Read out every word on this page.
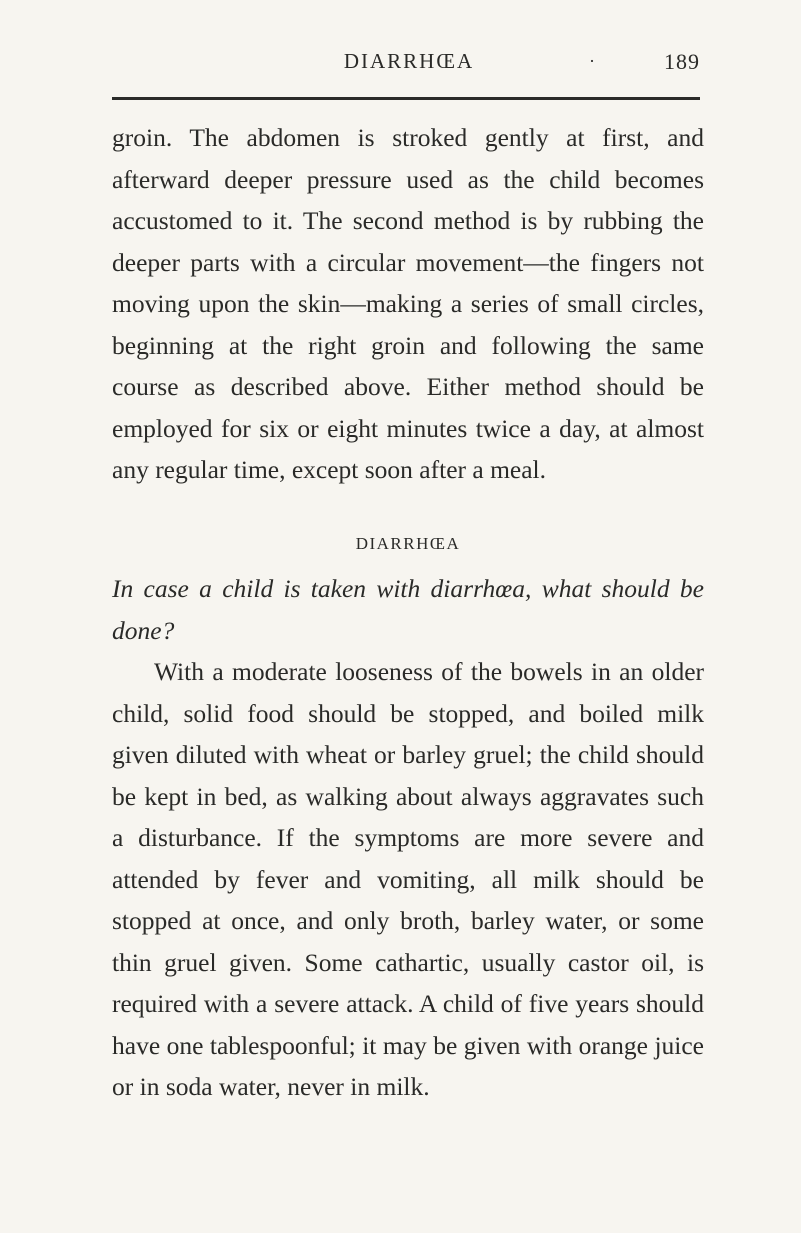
DIARRHŒA	·	189

groin. The abdomen is stroked gently at first, and afterward deeper pressure used as the child becomes accustomed to it. The second method is by rubbing the deeper parts with a circular movement—the fingers not moving upon the skin—making a series of small circles, beginning at the right groin and following the same course as described above. Either method should be employed for six or eight minutes twice a day, at almost any regular time, except soon after a meal.

DIARRHŒA

In case a child is taken with diarrhœa, what should be done?

With a moderate looseness of the bowels in an older child, solid food should be stopped, and boiled milk given diluted with wheat or barley gruel; the child should be kept in bed, as walking about always aggravates such a disturbance. If the symptoms are more severe and attended by fever and vomiting, all milk should be stopped at once, and only broth, barley water, or some thin gruel given. Some cathartic, usually castor oil, is required with a severe attack. A child of five years should have one tablespoonful; it may be given with orange juice or in soda water, never in milk.
